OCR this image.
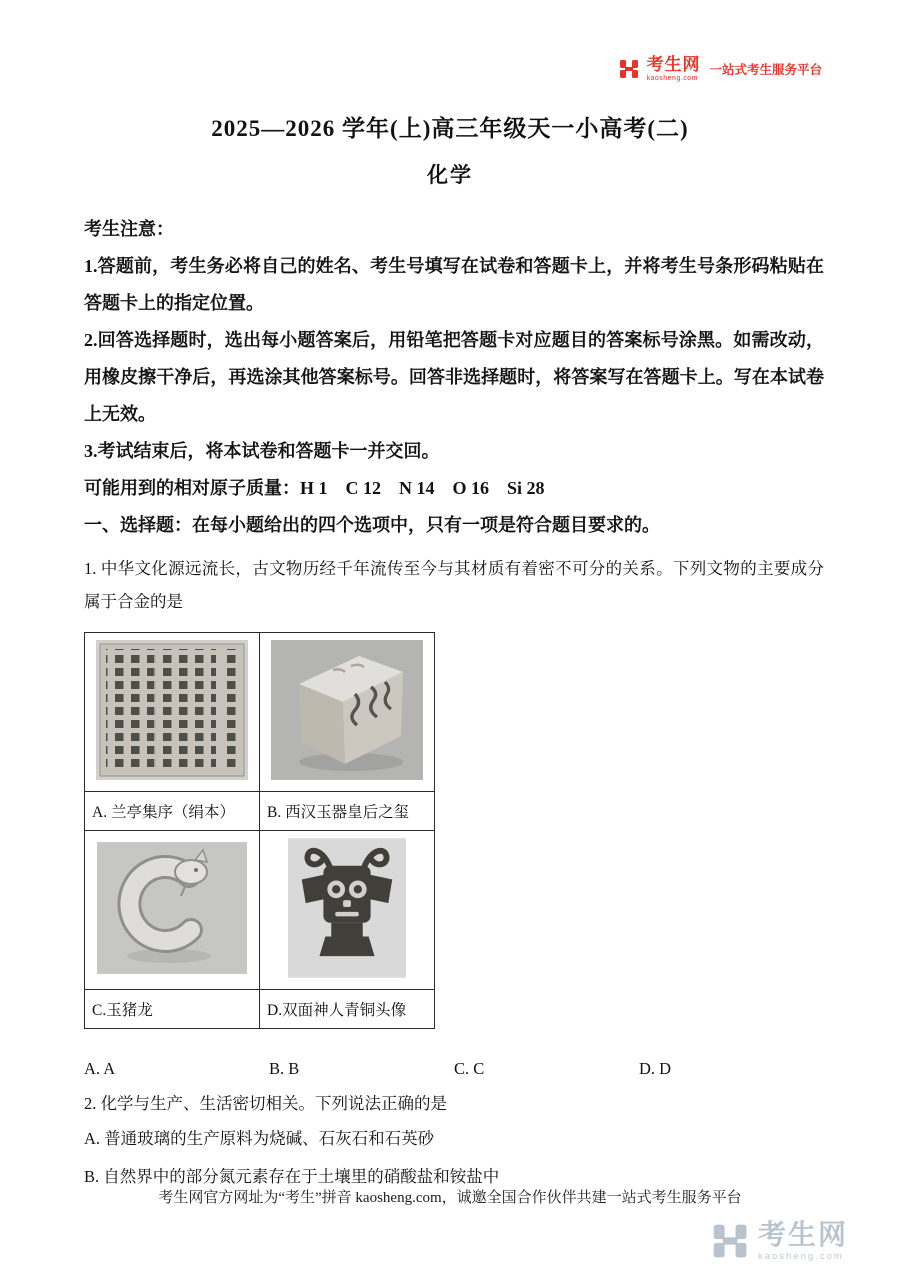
考生网
kaosheng.com
一站式考生服务平台
2025—2026 学年(上)高三年级天一小高考(二)
化学

考生注意：

1.答题前，考生务必将自己的姓名、考生号填写在试卷和答题卡上，并将考生号条形码粘贴在答题卡上的指定位置。

2.回答选择题时，选出每小题答案后，用铅笔把答题卡对应题目的答案标号涂黑。如需改动，用橡皮擦干净后，再选涂其他答案标号。回答非选择题时，将答案写在答题卡上。写在本试卷上无效。

3.考试结束后，将本试卷和答题卡一并交回。

可能用到的相对原子质量：H 1　C 12　N 14　O 16　Si 28

一、选择题：在每小题给出的四个选项中，只有一项是符合题目要求的。

1. 中华文化源远流长，古文物历经千年流传至今与其材质有着密不可分的关系。下列文物的主要成分属于合金的是

A. 兰亭集序（绢本）	B. 西汉玉器皇后之玺

C.玉猪龙	D.双面神人青铜头像
A. A	B. B	C. C	D. D

2. 化学与生产、生活密切相关。下列说法正确的是

A. 普通玻璃的生产原料为烧碱、石灰石和石英砂

B. 自然界中的部分氮元素存在于土壤里的硝酸盐和铵盐中

考生网官方网址为“考生”拼音 kaosheng.com，诚邀全国合作伙伴共建一站式考生服务平台
考生网
kaosheng.com
